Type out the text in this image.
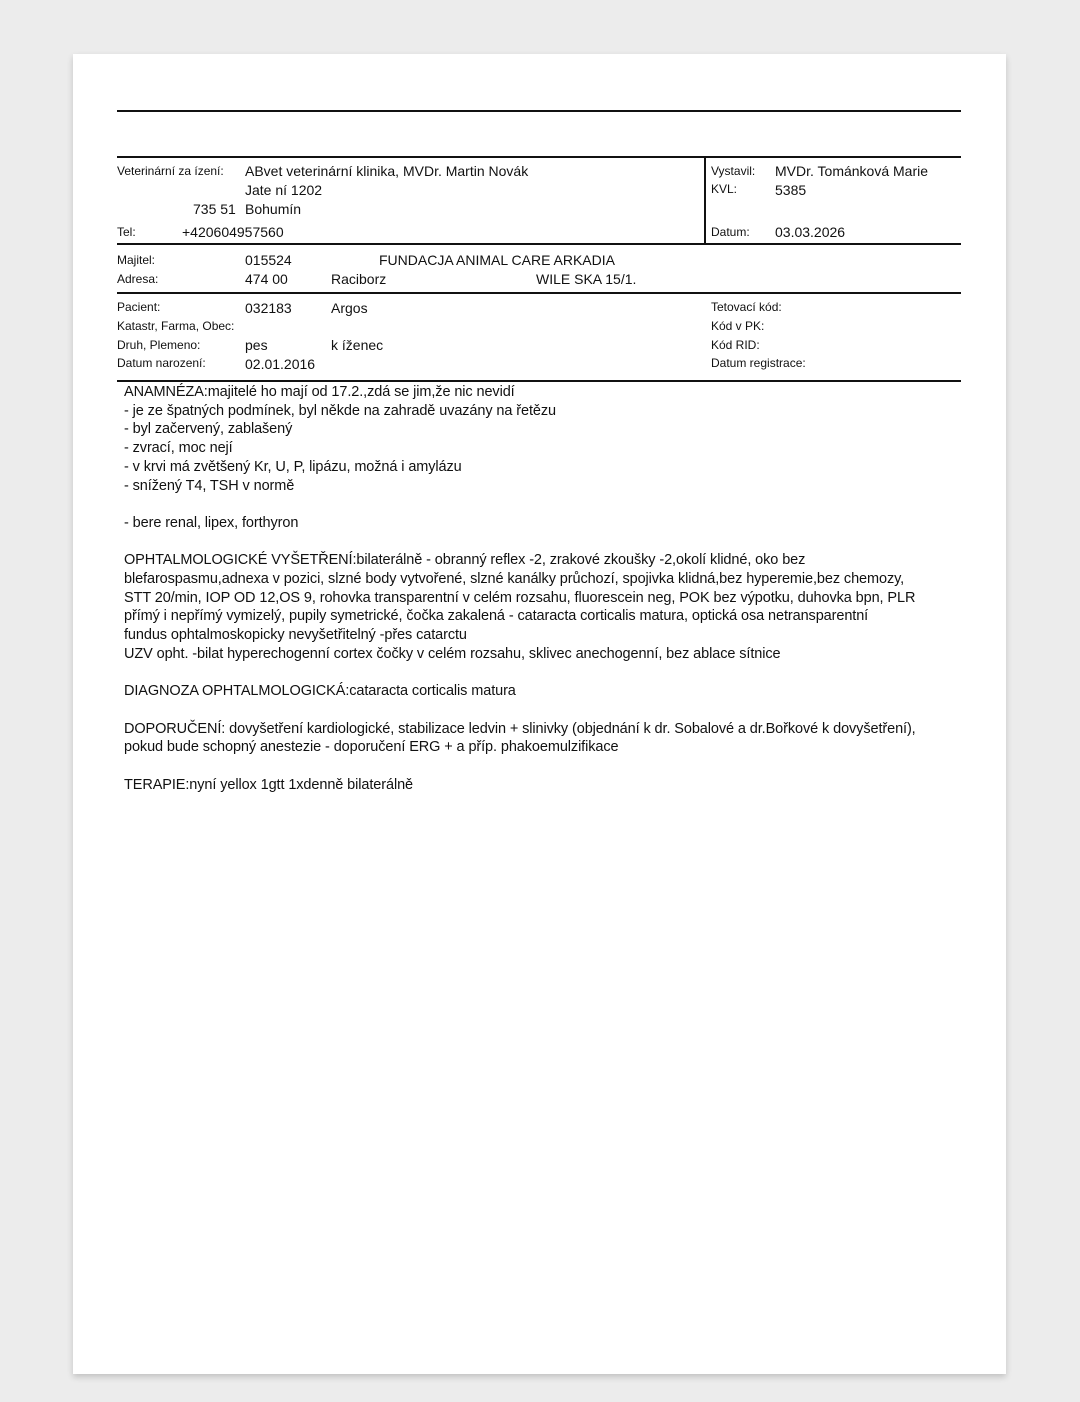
Veterinární za ízení: ABvet veterinární klinika, MVDr. Martin Novák
Jate ní 1202
735 51 Bohumín
Tel:	+420604957560
Vystavil: MVDr. Tománková Marie
KVL:	5385
Datum: 03.03.2026
Majitel:	015524	FUNDACJA ANIMAL CARE ARKADIA
Adresa:	474 00	Raciborz	WILE SKA 15/1.
Pacient:	032183	Argos
Katastr, Farma, Obec:
Druh, Plemeno:	pes	k íženec
Datum narození:	02.01.2016
Tetovací kód:
Kód v PK:
Kód RID:
Datum registrace:
ANAMNÉZA:majitelé ho mají od 17.2.,zdá se jim,že nic nevidí
- je ze špatných podmínek, byl někde na zahradě uvazány na řetězu
- byl začervený, zablašený
- zvrací, moc nejí
- v krvi má zvětšený Kr, U, P, lipázu, možná i amylázu
- snížený T4, TSH v normě
- bere renal, lipex, forthyron
OPHTALMOLOGICKÉ VYŠETŘENÍ:bilaterálně - obranný reflex -2, zrakové zkoušky -2,okolí klidné, oko bez
blefarospasmu,adnexa v pozici, slzné body vytvořené, slzné kanálky průchozí, spojivka klidná,bez hyperemie,bez chemozy,
STT 20/min, IOP OD 12,OS 9, rohovka transparentní v celém rozsahu, fluorescein neg, POK bez výpotku, duhovka bpn, PLR
přímý i nepřímý vymizelý, pupily symetrické, čočka zakalená - cataracta corticalis matura, optická osa netransparentní
fundus ophtalmoskopicky nevyšetřitelný -přes catarctu
UZV opht. -bilat hyperechogenní cortex čočky v celém rozsahu, sklivec anechogenní, bez ablace sítnice
DIAGNOZA OPHTALMOLOGICKÁ:cataracta corticalis matura
DOPORUČENÍ: dovyšetření kardiologické, stabilizace ledvin + slinivky (objednání k dr. Sobalové a dr.Bořkové k dovyšetření),
pokud bude schopný anestezie - doporučení ERG + a příp. phakoemulzifikace
TERAPIE:nyní yellox 1gtt 1xdenně bilaterálně
